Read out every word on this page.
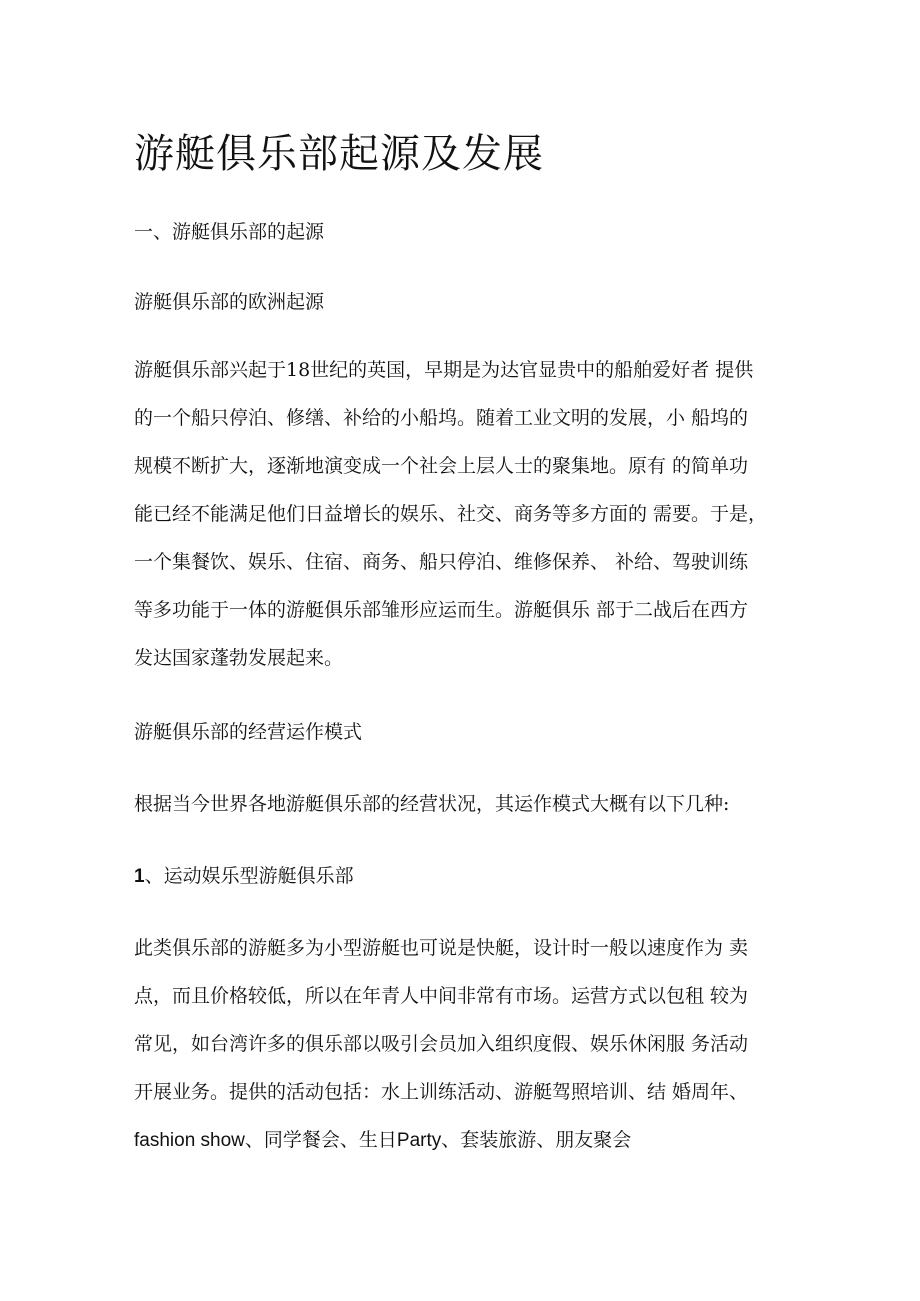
游艇俱乐部起源及发展

一、游艇俱乐部的起源

游艇俱乐部的欧洲起源

游艇俱乐部兴起于18世纪的英国，早期是为达官显贵中的船舶爱好者 提供
的一个船只停泊、修缮、补给的小船坞。随着工业文明的发展，小 船坞的
规模不断扩大，逐渐地演变成一个社会上层人士的聚集地。原有 的简单功
能已经不能满足他们日益增长的娱乐、社交、商务等多方面的 需要。于是，
一个集餐饮、娱乐、住宿、商务、船只停泊、维修保养、 补给、驾驶训练
等多功能于一体的游艇俱乐部雏形应运而生。游艇俱乐 部于二战后在西方
发达国家蓬勃发展起来。

游艇俱乐部的经营运作模式

根据当今世界各地游艇俱乐部的经营状况，其运作模式大概有以下几种:

1、运动娱乐型游艇俱乐部

此类俱乐部的游艇多为小型游艇也可说是快艇，设计时一般以速度作为 卖
点，而且价格较低，所以在年青人中间非常有市场。运营方式以包租 较为
常见，如台湾许多的俱乐部以吸引会员加入组织度假、娱乐休闲服 务活动
开展业务。提供的活动包括：水上训练活动、游艇驾照培训、结 婚周年、
fashion show、同学餐会、生日Party、套装旅游、朋友聚会
